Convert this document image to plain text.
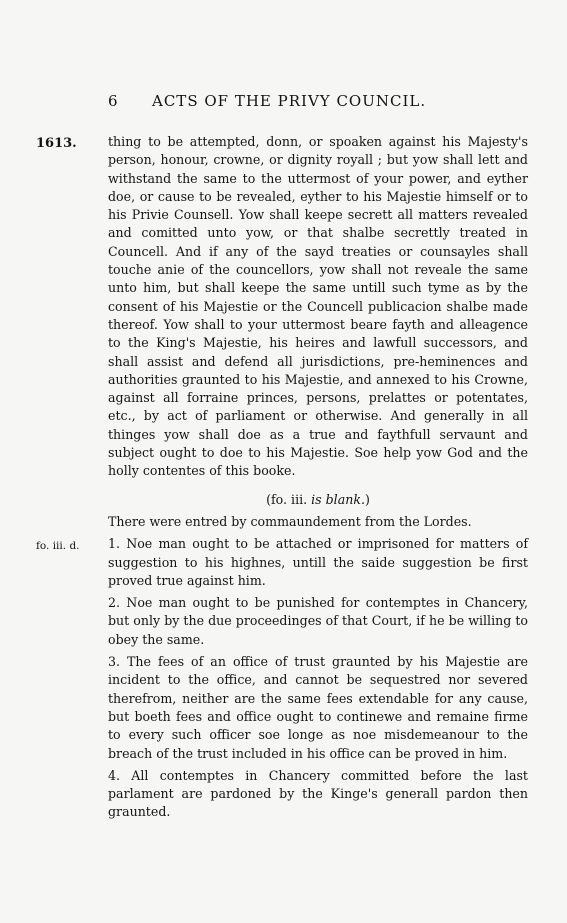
6 ACTS OF THE PRIVY COUNCIL.
1613.
fo. iii. d.

thing to be attempted, donn, or spoaken against his Majesty's person, honour, crowne, or dignity royall ; but yow shall lett and withstand the same to the uttermost of your power, and eyther doe, or cause to be revealed, eyther to his Majestie himself or to his Privie Counsell. Yow shall keepe secrett all matters revealed and comitted unto yow, or that shalbe secrettly treated in Councell. And if any of the sayd treaties or counsayles shall touche anie of the councellors, yow shall not reveale the same unto him, but shall keepe the same untill such tyme as by the consent of his Majestie or the Councell publicacion shalbe made thereof. Yow shall to your uttermost beare fayth and alleagence to the King's Majestie, his heires and lawfull successors, and shall assist and defend all jurisdictions, pre-heminences and authorities graunted to his Majestie, and annexed to his Crowne, against all forraine princes, persons, prelattes or potentates, etc., by act of parliament or otherwise. And generally in all thinges yow shall doe as a true and faythfull servaunt and subject ought to doe to his Majestie. Soe help yow God and the holly contentes of this booke.

(fo. iii. is blank.)

There were entred by commaundement from the Lordes.

1. Noe man ought to be attached or imprisoned for matters of suggestion to his highnes, untill the saide suggestion be first proved true against him.

2. Noe man ought to be punished for contemptes in Chancery, but only by the due proceedinges of that Court, if he be willing to obey the same.

3. The fees of an office of trust graunted by his Majestie are incident to the office, and cannot be sequestred nor severed therefrom, neither are the same fees extendable for any cause, but boeth fees and office ought to continewe and remaine firme to every such officer soe longe as noe misdemeanour to the breach of the trust included in his office can be proved in him.

4. All contemptes in Chancery committed before the last parlament are pardoned by the Kinge's generall pardon then graunted.
